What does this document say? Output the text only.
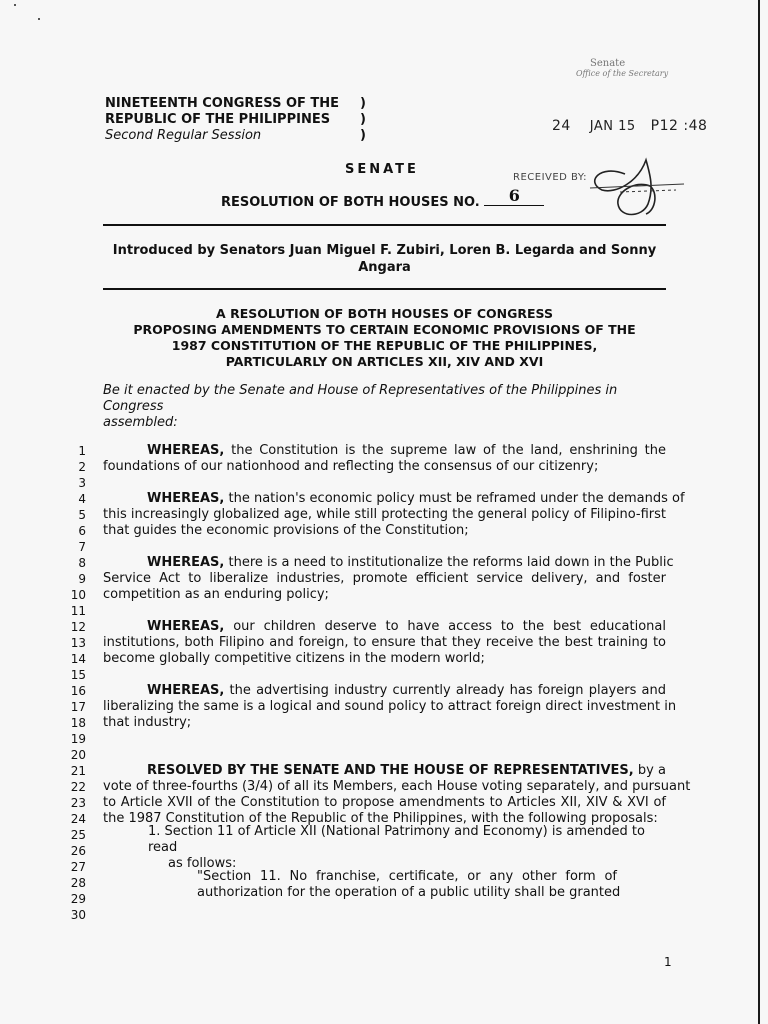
Senate
Office of the Secretary
24 JAN 15 P12 :48
RECEIVED BY:
NINETEENTH CONGRESS OF THE
REPUBLIC OF THE PHILIPPINES
Second Regular Session
)
)
)
SENATE
RESOLUTION OF BOTH HOUSES NO. 6
Introduced by Senators Juan Miguel F. Zubiri, Loren B. Legarda and Sonny Angara
A RESOLUTION OF BOTH HOUSES OF CONGRESS
PROPOSING AMENDMENTS TO CERTAIN ECONOMIC PROVISIONS OF THE
1987 CONSTITUTION OF THE REPUBLIC OF THE PHILIPPINES,
PARTICULARLY ON ARTICLES XII, XIV AND XVI
Be it enacted by the Senate and House of Representatives of the Philippines in Congress
assembled:
1
2
3
4
5
6
7
8
9
10
11
12
13
14
15
16
17
18
19
20
21
22
23
24
25
26
27
28
29
30
WHEREAS, the Constitution is the supreme law of the land, enshrining the
foundations of our nationhood and reflecting the consensus of our citizenry;
WHEREAS, the nation's economic policy must be reframed under the demands of
this increasingly globalized age, while still protecting the general policy of Filipino-first
that guides the economic provisions of the Constitution;
WHEREAS, there is a need to institutionalize the reforms laid down in the Public
Service Act to liberalize industries, promote efficient service delivery, and foster
competition as an enduring policy;
WHEREAS, our children deserve to have access to the best educational
institutions, both Filipino and foreign, to ensure that they receive the best training to
become globally competitive citizens in the modern world;
WHEREAS, the advertising industry currently already has foreign players and
liberalizing the same is a logical and sound policy to attract foreign direct investment in
that industry;
RESOLVED BY THE SENATE AND THE HOUSE OF REPRESENTATIVES, by a
vote of three-fourths (3/4) of all its Members, each House voting separately, and pursuant
to Article XVII of the Constitution to propose amendments to Articles XII, XIV & XVI of
the 1987 Constitution of the Republic of the Philippines, with the following proposals:
1. Section 11 of Article XII (National Patrimony and Economy) is amended to read
as follows:
"Section 11. No franchise, certificate, or any other form of
authorization for the operation of a public utility shall be granted
1
